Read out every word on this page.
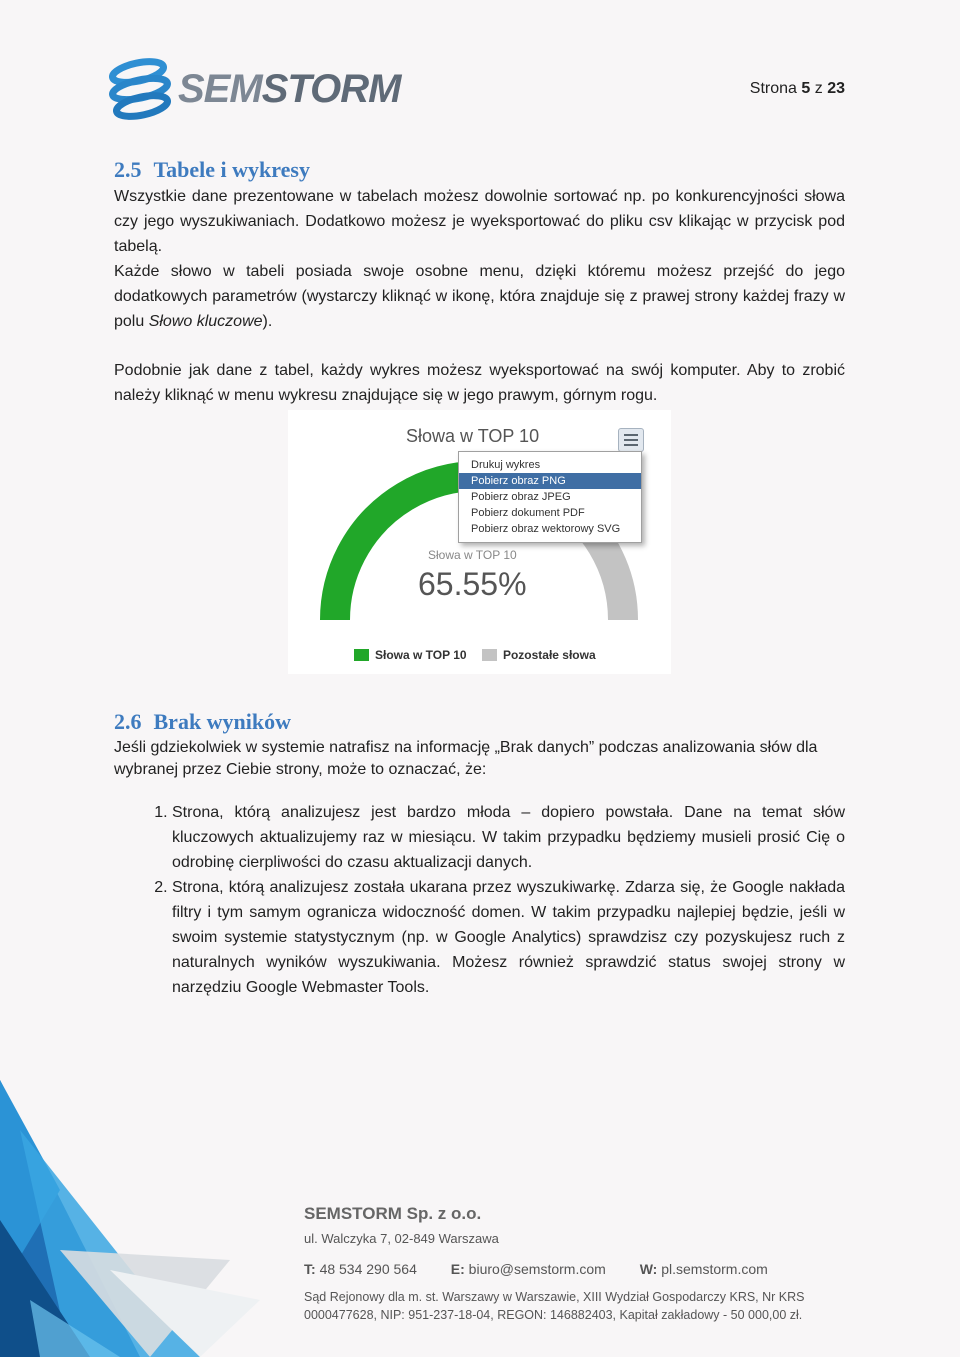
SEMSTORM	Strona 5 z 23
2.5 Tabele i wykresy

Wszystkie dane prezentowane w tabelach możesz dowolnie sortować np. po konkurencyjności słowa czy jego wyszukiwaniach. Dodatkowo możesz je wyeksportować do pliku csv klikając w przycisk pod tabelą.

Każde słowo w tabeli posiada swoje osobne menu, dzięki któremu możesz przejść do jego dodatkowych parametrów (wystarczy kliknąć w ikonę, która znajduje się z prawej strony każdej frazy w polu Słowo kluczowe).

Podobnie jak dane z tabel, każdy wykres możesz wyeksportować na swój komputer. Aby to zrobić należy kliknąć w menu wykresu znajdujące się w jego prawym, górnym rogu.

Słowa w TOP 10
Słowa w TOP 10
65.55%
Drukuj wykres
Pobierz obraz PNG
Pobierz obraz JPEG
Pobierz dokument PDF
Pobierz obraz wektorowy SVG
Słowa w TOP 10	Pozostałe słowa
2.6 Brak wyników

Jeśli gdziekolwiek w systemie natrafisz na informację „Brak danych” podczas analizowania słów dla wybranej przez Ciebie strony, może to oznaczać, że:

1. Strona, którą analizujesz jest bardzo młoda – dopiero powstała. Dane na temat słów kluczowych aktualizujemy raz w miesiącu. W takim przypadku będziemy musieli prosić Cię o odrobinę cierpliwości do czasu aktualizacji danych.
2. Strona, którą analizujesz została ukarana przez wyszukiwarkę. Zdarza się, że Google nakłada filtry i tym samym ogranicza widoczność domen. W takim przypadku najlepiej będzie, jeśli w swoim systemie statystycznym (np. w Google Analytics) sprawdzisz czy pozyskujesz ruch z naturalnych wyników wyszukiwania. Możesz również sprawdzić status swojej strony w narzędziu Google Webmaster Tools.
SEMSTORM Sp. z o.o.
ul. Walczyka 7, 02-849 Warszawa
T: 48 534 290 564 E: biuro@semstorm.com W: pl.semstorm.com
Sąd Rejonowy dla m. st. Warszawy w Warszawie, XIII Wydział Gospodarczy KRS, Nr KRS 0000477628, NIP: 951-237-18-04, REGON: 146882403, Kapitał zakładowy - 50 000,00 zł.
